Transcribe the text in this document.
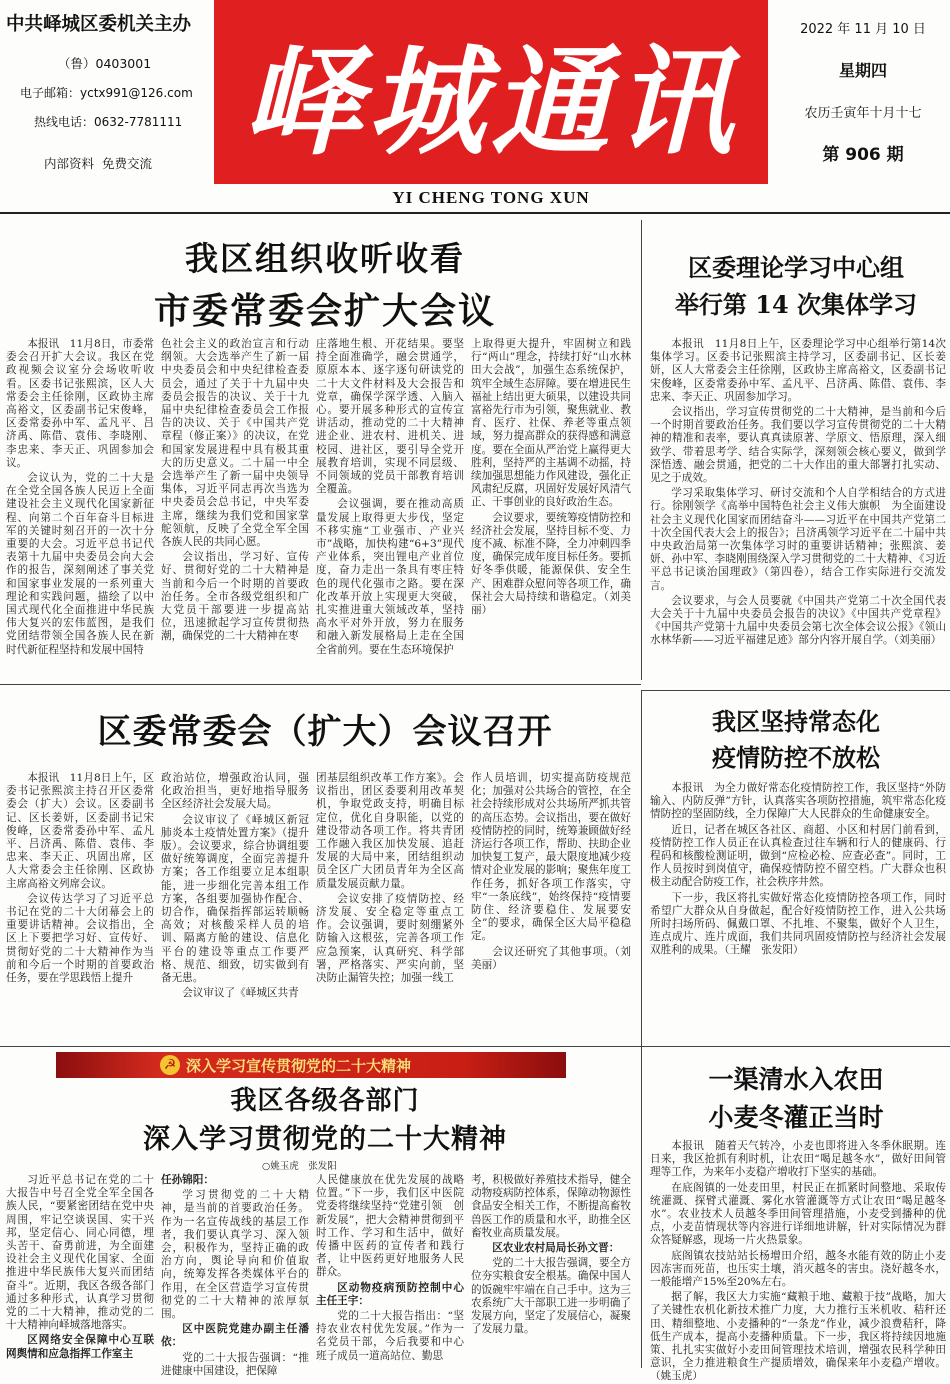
中共峄城区委机关主办
（鲁）0403001
电子邮箱：yctx991@126.com
热线电话：0632-7781111
内部资料  免费交流 峄城通讯
YI CHENG TONG XUN
2022 年 11 月 10 日
星期四
农历壬寅年十月十七
第 906 期
我区组织收听收看
市委常委会扩大会议

本报讯　11月8日，市委常委会召开扩大会议。我区在党政视频会议室分会场收听收看。区委书记张熙滨，区人大常委会主任徐刚，区政协主席高裕文，区委副书记宋俊峰，区委常委孙中军、孟凡平、吕济禹、陈借、袁伟、李晓刚、李忠来、李天正、巩固参加会议。

会议认为，党的二十大是在全党全国各族人民迈上全面建设社会主义现代化国家新征程、向第二个百年奋斗目标进军的关键时刻召开的一次十分重要的大会。习近平总书记代表第十九届中央委员会向大会作的报告，深刻阐述了事关党和国家事业发展的一系列重大理论和实践问题，描绘了以中国式现代化全面推进中华民族伟大复兴的宏伟蓝图，是我们党团结带领全国各族人民在新时代新征程坚持和发展中国特

色社会主义的政治宣言和行动纲领。大会选举产生了新一届中央委员会和中央纪律检查委员会，通过了关于十九届中央委员会报告的决议、关于十九届中央纪律检查委员会工作报告的决议、关于《中国共产党章程（修正案）》的决议，在党和国家发展进程中具有极其重大的历史意义。二十届一中全会选举产生了新一届中央领导集体，习近平同志再次当选为中央委员会总书记，中央军委主席，继续为我们党和国家掌舵领航，反映了全党全军全国各族人民的共同心愿。

会议指出，学习好、宣传好、贯彻好党的二十大精神是当前和今后一个时期的首要政治任务。全市各级党组织和广大党员干部要进一步提高站位，迅速掀起学习宣传贯彻热潮，确保党的二十大精神在枣

庄落地生根、开花结果。要坚持全面准确学，融会贯通学，原原本本、逐字逐句研读党的二十大文件材料及大会报告和党章，确保学深学透、入脑入心。要开展多种形式的宣传宣讲活动，推动党的二十大精神进企业、进农村、进机关、进校园、进社区，要引导全党开展教育培训，实现不同层级、不同领域的党员干部教育培训全覆盖。

会议强调，要在推动高质量发展上取得更大步伐，坚定不移实施“工业强市、产业兴市”战略，加快构建“6+3”现代产业体系，突出锂电产业首位度，奋力走出一条具有枣庄特色的现代化强市之路。要在深化改革开放上实现更大突破，扎实推进重大领域改革，坚持高水平对外开放，努力在服务和融入新发展格局上走在全国全省前列。要在生态环境保护

上取得更大提升，牢固树立和践行“两山”理念，持续打好“山水林田大会战”，加强生态系统保护，筑牢全域生态屏障。要在增进民生福祉上结出更大硕果，以建设共同富裕先行市为引领，聚焦就业、教育、医疗、社保、养老等重点领域，努力提高群众的获得感和满意度。要在全面从严治党上赢得更大胜利，坚持严的主基调不动摇，持续加强思想能力作风建设，强化正风肃纪反腐，巩固好发展好风清气正、干事创业的良好政治生态。

会议要求，要统筹疫情防控和经济社会发展，坚持目标不变、力度不减、标准不降，全力冲刺四季度，确保完成年度目标任务。要抓好冬季供暖，能源保供、安全生产、困难群众慰问等各项工作，确保社会大局持续和谐稳定。（刘美丽）

区委理论学习中心组
举行第 14 次集体学习

本报讯　11月8日上午，区委理论学习中心组举行第14次集体学习。区委书记张熙滨主持学习，区委副书记、区长姜妍，区人大常委会主任徐刚，区政协主席高裕文，区委副书记宋俊峰，区委常委孙中军、孟凡平、吕济禹、陈借、袁伟、李忠来、李天正、巩固参加学习。

会议指出，学习宣传贯彻党的二十大精神，是当前和今后一个时期首要政治任务。我们要以学习宣传贯彻党的二十大精神的精准和表率，要认真真读原著、学原文、悟原理，深入细致学、带着思考学、结合实际学，深刻领会核心要义，做到学深悟透、融会贯通，把党的二十大作出的重大部署打扎实动、见之于成效。

学习采取集体学习、研讨交流和个人自学相结合的方式进行。徐刚领学《高举中国特色社会主义伟大旗帜　为全面建设社会主义现代化国家而团结奋斗——习近平在中国共产党第二十次全国代表大会上的报告》；吕济禹领学习近平在二十届中共中央政治局第一次集体学习时的重要讲话精神；张熙滨、姜妍、孙中军、李晓刚围绕深入学习贯彻党的二十大精神、《习近平总书记谈治国理政》（第四卷），结合工作实际进行交流发言。

会议要求，与会人员要就《中国共产党第二十次全国代表大会关于十九届中央委员会报告的决议》《中国共产党章程》《中国共产党第十九届中央委员会第七次全体会议公报》《领山水林华新——习近平福建足迹》部分内容开展自学。（刘美丽）

区委常委会（扩大）会议召开

本报讯　11月8日上午，区委书记张熙滨主持召开区委常委会（扩大）会议。区委副书记、区长姜妍，区委副书记宋俊峰，区委常委孙中军、孟凡平、吕济禹、陈借、袁伟、李忠来、李天正、巩固出席，区人大常委会主任徐刚、区政协主席高裕文列席会议。

会议传达学习了习近平总书记在党的二十大闭幕会上的重要讲话精神。会议指出，全区上下要把学习好、宣传好、贯彻好党的二十大精神作为当前和今后一个时期的首要政治任务，要在学思践悟上提升

政治站位，增强政治认同，强化政治担当，更好地指导服务全区经济社会发展大局。

会议审议了《峄城区新冠肺炎本土疫情处置方案》（提升版）。会议要求，综合协调组要做好统筹调度，全面完善提升方案；各工作组要立足本组职能，进一步细化完善本组工作方案，各组要加强协作配合、切合作，确保指挥部运转顺畅高效；对核酸采样人员的培训、隔离方舱的建设、信息化平台的建设等重点工作要严格、规范、细致，切实做到有备无患。

会议审议了《峄城区共青

团基层组织改革工作方案》。会议指出，团区委要利用改革契机，争取党政支持，明确目标定位，优化自身职能，以党的建设带动各项工作。将共青团工作融入我区加快发展、追赶发展的大局中来，团结组织动员全区广大团员青年为全区高质量发展贡献力量。

会议安排了疫情防控、经济发展、安全稳定等重点工作。会议强调，要时刻绷紧外防输入这根弦，完善各项工作应急预案，认真研究、科学部署，严格落实、严实向前，坚决防止漏管失控；加强一线工

作人员培训，切实提高防疫规范化；加强对公共场合的管控，在全社会持续形成对公共场所严抓共管的高压态势。会议指出，要在做好疫情防控的同时，统筹兼顾做好经济运行各项工作，帮助、扶助企业加快复工复产，最大限度地减少疫情对企业发展的影响；聚焦年度工作任务，抓好各项工作落实，守牢“一条底线”，始终保持“疫情要防住、经济要稳住、发展要安全”的要求，确保全区大局平稳稳定。

会议还研究了其他事项。（刘美丽）

我区坚持常态化
疫情防控不放松

本报讯　为全力做好常态化疫情防控工作，我区坚持“外防输入、内防反弹”方针，认真落实各项防控措施，筑牢常态化疫情防控的坚固防线，全力保障广大人民群众的生命健康安全。

近日，记者在城区各社区、商超、小区和村居门前看到，疫情防控工作人员正在认真检查过往车辆和行人的健康码、行程码和核酸检测证明，做到“应检必检、应查必查”。同时，工作人员按时到岗值守，确保疫情防控不留空档。广大群众也积极主动配合防疫工作，社会秩序井然。

下一步，我区将扎实做好常态化疫情防控各项工作，同时希望广大群众从自身做起，配合好疫情防控工作，进入公共场所时扫场所码、佩戴口罩、不扎堆、不聚集，做好个人卫生，连点成片、连片成面，我们共同巩固疫情防控与经济社会发展双胜利的成果。（王耀　张发阳）

☭ 深入学习宣传贯彻党的二十大精神
我区各级各部门
深入学习贯彻党的二十大精神
○姚玉虎　张发阳

习近平总书记在党的二十大报告中号召全党全军全国各族人民，“要紧密团结在党中央周围，牢记空谈误国、实干兴邦，坚定信心、同心同德，埋头苦干、奋勇前进，为全面建设社会主义现代化国家、全面推进中华民族伟大复兴而团结奋斗”。近期，我区各级各部门通过多种形式，认真学习贯彻党的二十大精神，推动党的二十大精神向峄城落地落实。

区网络安全保障中心互联网舆情和应急指挥工作室主

任孙锦阳：

学习贯彻党的二十大精神，是当前的首要政治任务。作为一名宣传战线的基层工作者，我们要认真学习、深入领会，积极作为，坚持正确的政治方向，舆论导向和价值取向，统筹发挥各类媒体平台的作用，在全区营造学习宣传贯彻党的二十大精神的浓厚氛围。

区中医院党建办副主任潘依：

党的二十大报告强调：“推进健康中国建设，把保障

人民健康放在优先发展的战略位置。”下一步，我们区中医院党委将继续坚持“党建引领　创新发展”，把大会精神贯彻到平时工作、学习和生活中，做好传播中医药的宣传者和践行者，让中医药更好地服务人民群众。

区动物疫病预防控制中心主任王宇：

党的二十大报告指出：“坚持农业农村优先发展。”作为一名党员干部，今后我要和中心班子成员一道高站位、勤思

考，积极做好养殖技术指导，健全动物疫病防控体系，保障动物源性食品安全相关工作，不断提高畜牧兽医工作的质量和水平，助推全区畜牧业高质量发展。

区农业农村局局长孙文晋：

党的二十大报告强调，要全方位夯实粮食安全根基。确保中国人的饭碗牢牢端在自己手中。这为三农系统广大干部职工进一步明确了发展方向，坚定了发展信心，凝聚了发展力量。

一渠清水入农田
小麦冬灌正当时

本报讯　随着天气转冷，小麦也即将进入冬季休眠期。连日来，我区抢抓有利时机，让农田“喝足越冬水”，做好田间管理等工作，为来年小麦稳产增收打下坚实的基础。

在底阁镇的一处麦田里，村民正在抓紧时间整地、采取传统灌溉、探臂式灌溉、雾化水管灌溉等方式让农田“喝足越冬水”。农业技术人员越冬季田间管理措施，小麦受到播种的优点，小麦苗情现状等内容进行详细地讲解，针对实际情况为群众答疑解惑，现场一片火热景象。

底阁镇农技站站长杨增田介绍，越冬水能有效的防止小麦因冻害而死苗，也压实土壤，消灭越冬的害虫。浇好越冬水，一般能增产15%至20%左右。

据了解，我区大力实施“藏粮于地、藏粮于技”战略，加大了关键性农机化新技术推广力度，大力推行玉米机收、秸秆还田、精细整地、小麦播种的“一条龙”作业，减少浪费秸秆，降低生产成本，提高小麦播种质量。下一步，我区将持续因地施策、扎扎实实做好小麦田间管理技术培训，增强农民科学种田意识，全力推进粮食生产提质增效，确保来年小麦稳产增收。（姚玉虎）
